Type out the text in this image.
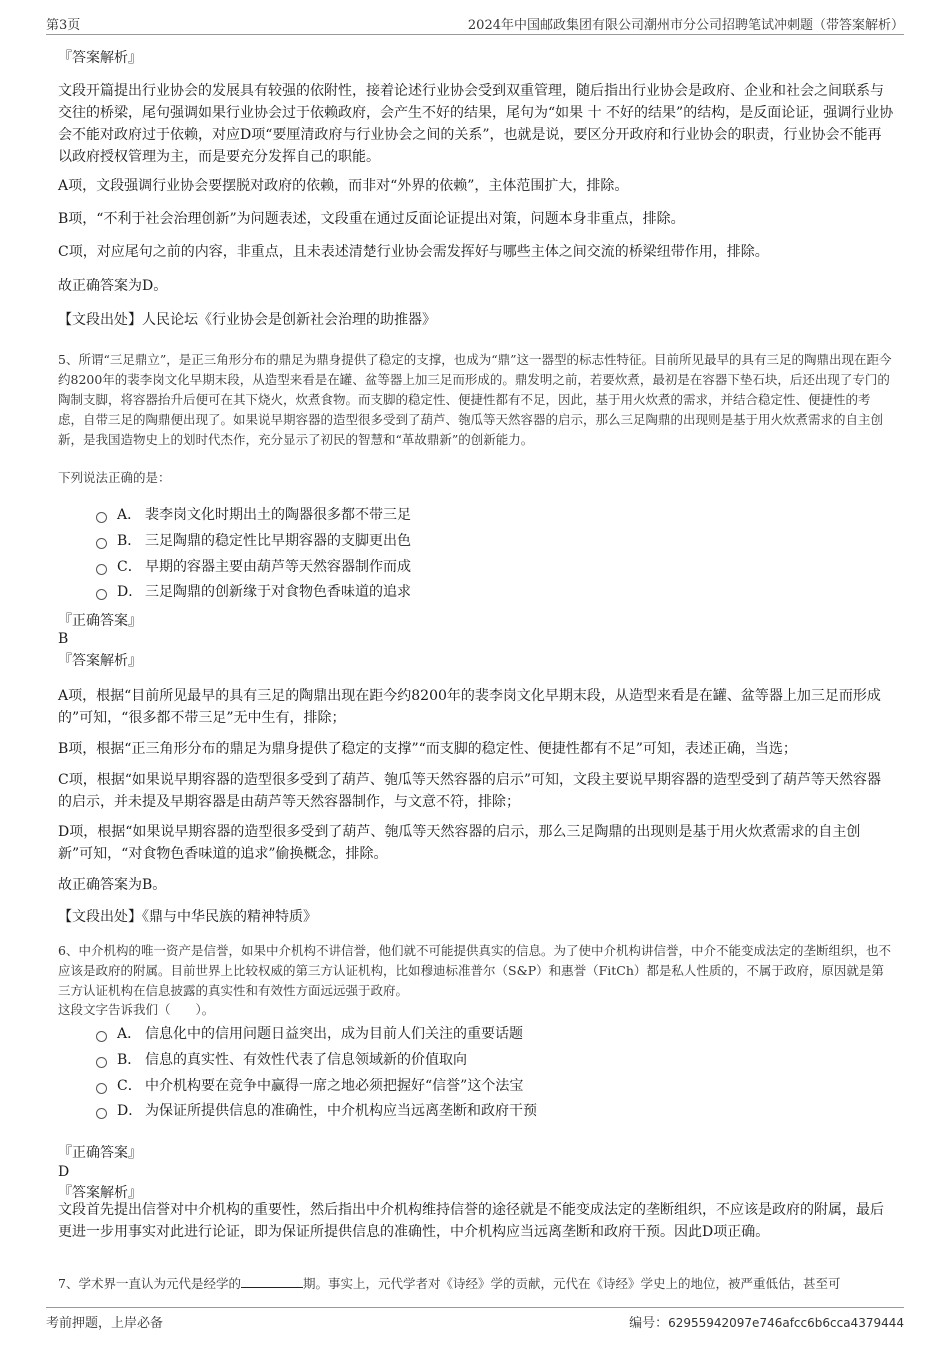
第3页	2024年中国邮政集团有限公司潮州市分公司招聘笔试冲刺题（带答案解析）
『答案解析』
文段开篇提出行业协会的发展具有较强的依附性，接着论述行业协会受到双重管理，随后指出行业协会是政府、企业和社会之间联系与交往的桥梁，尾句强调如果行业协会过于依赖政府，会产生不好的结果，尾句为“如果 十 不好的结果”的结构，是反面论证，强调行业协会不能对政府过于依赖，对应D项“要厘清政府与行业协会之间的关系”，也就是说，要区分开政府和行业协会的职责，行业协会不能再以政府授权管理为主，而是要充分发挥自己的职能。
A项，文段强调行业协会要摆脱对政府的依赖，而非对“外界的依赖”，主体范围扩大，排除。
B项，“不利于社会治理创新”为问题表述，文段重在通过反面论证提出对策，问题本身非重点，排除。
C项，对应尾句之前的内容，非重点，且未表述清楚行业协会需发挥好与哪些主体之间交流的桥梁纽带作用，排除。
故正确答案为D。
【文段出处】人民论坛《行业协会是创新社会治理的助推器》
5、所谓“三足鼎立”，是正三角形分布的鼎足为鼎身提供了稳定的支撑，也成为“鼎”这一器型的标志性特征。目前所见最早的具有三足的陶鼎出现在距今约8200年的裴李岗文化早期末段，从造型来看是在罐、盆等器上加三足而形成的。鼎发明之前，若要炊煮，最初是在容器下垫石块，后还出现了专门的陶制支脚，将容器抬升后便可在其下烧火，炊煮食物。而支脚的稳定性、便捷性都有不足，因此，基于用火炊煮的需求，并结合稳定性、便捷性的考虑，自带三足的陶鼎便出现了。如果说早期容器的造型很多受到了葫芦、匏瓜等天然容器的启示，那么三足陶鼎的出现则是基于用火炊煮需求的自主创新，是我国造物史上的划时代杰作，充分显示了初民的智慧和“革故鼎新”的创新能力。
下列说法正确的是：
A． 裴李岗文化时期出土的陶器很多都不带三足
B． 三足陶鼎的稳定性比早期容器的支脚更出色
C． 早期的容器主要由葫芦等天然容器制作而成
D． 三足陶鼎的创新缘于对食物色香味道的追求
『正确答案』
B
『答案解析』
A项，根据“目前所见最早的具有三足的陶鼎出现在距今约8200年的裴李岗文化早期末段，从造型来看是在罐、盆等器上加三足而形成的”可知，“很多都不带三足”无中生有，排除；
B项，根据“正三角形分布的鼎足为鼎身提供了稳定的支撑”“而支脚的稳定性、便捷性都有不足”可知，表述正确，当选；
C项，根据“如果说早期容器的造型很多受到了葫芦、匏瓜等天然容器的启示”可知，文段主要说早期容器的造型受到了葫芦等天然容器的启示，并未提及早期容器是由葫芦等天然容器制作，与文意不符，排除；
D项，根据“如果说早期容器的造型很多受到了葫芦、匏瓜等天然容器的启示，那么三足陶鼎的出现则是基于用火炊煮需求的自主创新”可知，“对食物色香味道的追求”偷换概念，排除。
故正确答案为B。
【文段出处】《鼎与中华民族的精神特质》
6、中介机构的唯一资产是信誉，如果中介机构不讲信誉，他们就不可能提供真实的信息。为了使中介机构讲信誉，中介不能变成法定的垄断组织，也不应该是政府的附属。目前世界上比较权威的第三方认证机构，比如穆迪标准普尔（S&P）和惠誉（FitCh）都是私人性质的，不属于政府，原因就是第三方认证机构在信息披露的真实性和有效性方面远远强于政府。
这段文字告诉我们（　　）。
A． 信息化中的信用问题日益突出，成为目前人们关注的重要话题
B． 信息的真实性、有效性代表了信息领域新的价值取向
C． 中介机构要在竞争中赢得一席之地必须把握好“信誉”这个法宝
D． 为保证所提供信息的准确性，中介机构应当远离垄断和政府干预
『正确答案』
D
『答案解析』
文段首先提出信誉对中介机构的重要性，然后指出中介机构维持信誉的途径就是不能变成法定的垄断组织，不应该是政府的附属，最后更进一步用事实对此进行论证，即为保证所提供信息的准确性，中介机构应当远离垄断和政府干预。因此D项正确。
7、学术界一直认为元代是经学的	期。事实上，元代学者对《诗经》学的贡献，元代在《诗经》学史上的地位，被严重低估，甚至可
考前押题，上岸必备	编号：62955942097e746afcc6b6cca4379444
